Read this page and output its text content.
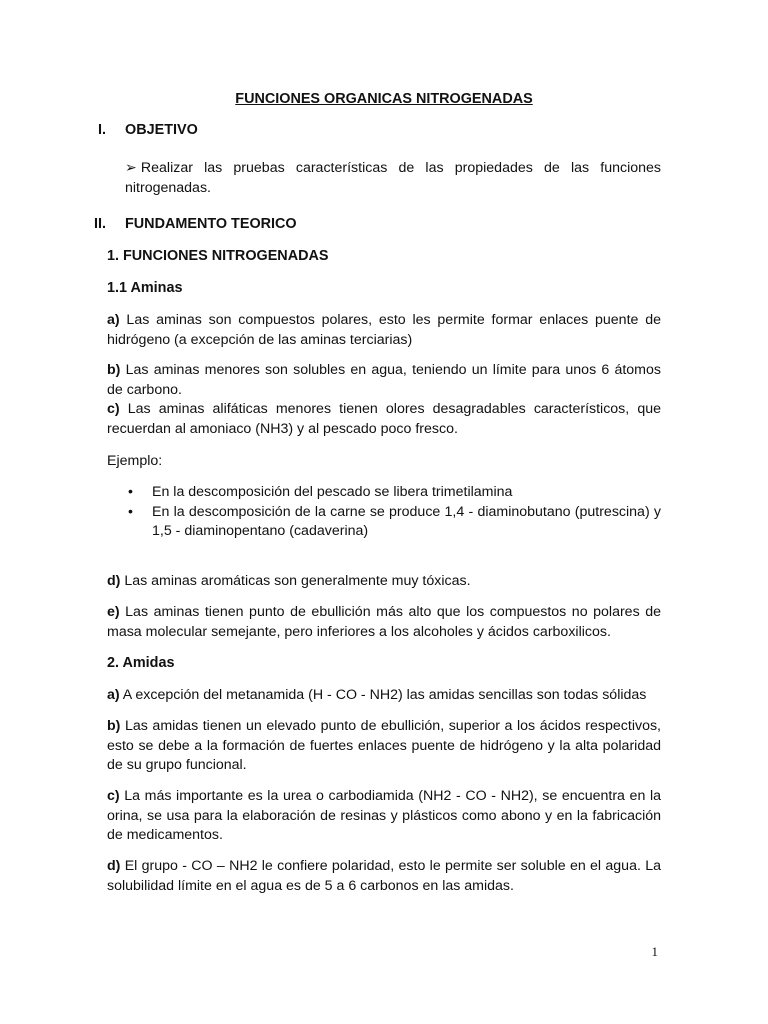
FUNCIONES ORGANICAS NITROGENADAS
I. OBJETIVO
➢ Realizar las pruebas características de las propiedades de las funciones nitrogenadas.
II. FUNDAMENTO TEORICO
1. FUNCIONES NITROGENADAS
1.1 Aminas
a) Las aminas son compuestos polares, esto les permite formar enlaces puente de hidrógeno (a excepción de las aminas terciarias)
b) Las aminas menores son solubles en agua, teniendo un límite para unos 6 átomos de carbono.
c) Las aminas alifáticas menores tienen olores desagradables característicos, que recuerdan al amoniaco (NH3) y al pescado poco fresco.
Ejemplo:
• En la descomposición del pescado se libera trimetilamina
• En la descomposición de la carne se produce 1,4 - diaminobutano (putrescina) y 1,5 - diaminopentano (cadaverina)
d) Las aminas aromáticas son generalmente muy tóxicas.
e) Las aminas tienen punto de ebullición más alto que los compuestos no polares de masa molecular semejante, pero inferiores a los alcoholes y ácidos carboxilicos.
2. Amidas
a) A excepción del metanamida (H - CO - NH2) las amidas sencillas son todas sólidas
b) Las amidas tienen un elevado punto de ebullición, superior a los ácidos respectivos, esto se debe a la formación de fuertes enlaces puente de hidrógeno y la alta polaridad de su grupo funcional.
c) La más importante es la urea o carbodiamida (NH2 - CO - NH2), se encuentra en la orina, se usa para la elaboración de resinas y plásticos como abono y en la fabricación de medicamentos.
d) El grupo - CO – NH2 le confiere polaridad, esto le permite ser soluble en el agua. La solubilidad límite en el agua es de 5 a 6 carbonos en las amidas.
1
